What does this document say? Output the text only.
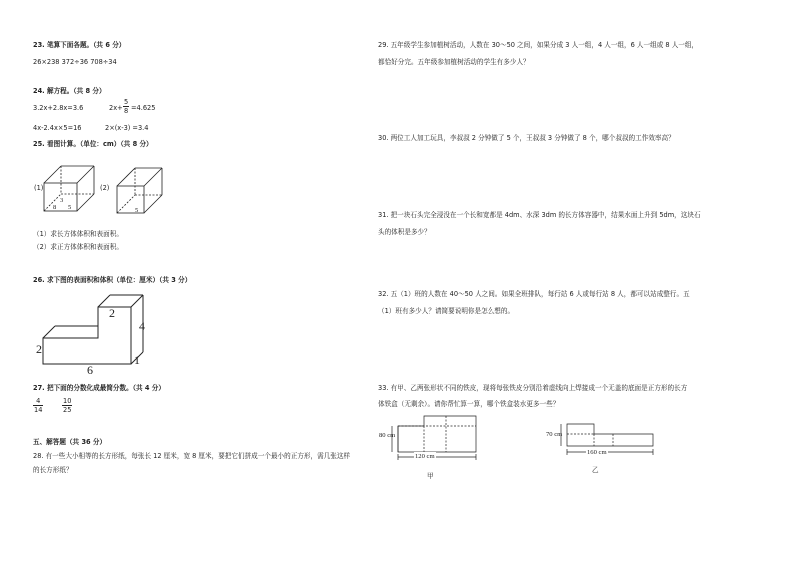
23. 笔算下面各题。（共 6 分）
26×238 372÷36 708÷34
24. 解方程。（共 8 分）
3.2x+2.8x=3.6	$2x+ \frac{5}{8} =4.625$
4x-2.4x×5=16	2×(x-3) =3.4
25. 看图计算。（单位：cm）（共 8 分）
(1)	(2)
3
8 5	5
（1）求长方体体积和表面积。
（2）求正方体体积和表面积。
26. 求下图的表面积和体积（单位：厘米）（共 3 分）
2
4
2
6
1
27. 把下面的分数化成最简分数。（共 4 分）
$\frac{4}{14}$	$\frac{10}{25}$
五、解答题（共 36 分）
28. 有一些大小相等的长方形纸，每张长 12 厘米，宽 8 厘米，要把它们拼成一个最小的正方形，需几张这样
的长方形纸？
29. 五年级学生参加植树活动，人数在 30～50 之间，如果分成 3 人一组，4 人一组，6 人一组或 8 人一组，
都恰好分完。五年级参加植树活动的学生有多少人？
30. 两位工人加工玩具，李叔叔 2 分钟做了 5 个，王叔叔 3 分钟做了 8 个，哪个叔叔的工作效率高？
31. 把一块石头完全浸没在一个长和宽都是 4dm、水深 3dm 的长方体容器中，结果水面上升到 5dm，这块石
头的体积是多少？
32. 五（1）班的人数在 40～50 人之间。如果全班排队，每行站 6 人或每行站 8 人，都可以站成整行。五
（1）班有多少人？请简要说明你是怎么想的。
33. 有甲、乙两张形状不同的铁皮，现将每张铁皮分别沿着虚线向上焊接成一个无盖的底面是正方形的长方
体铁盒（无剩余）。请你帮忙算一算，哪个铁盒装水更多一些？
80 cm
120 cm
甲
70 cm
160 cm
乙
